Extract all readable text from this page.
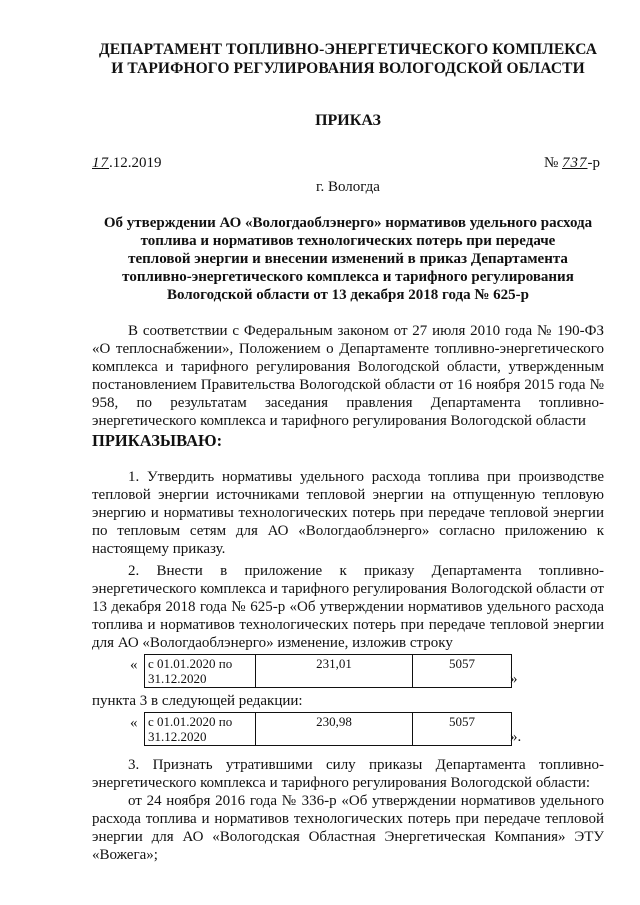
ДЕПАРТАМЕНТ ТОПЛИВНО-ЭНЕРГЕТИЧЕСКОГО КОМПЛЕКСА
И ТАРИФНОГО РЕГУЛИРОВАНИЯ ВОЛОГОДСКОЙ ОБЛАСТИ
ПРИКАЗ
17.12.2019	№ 737-р
г. Вологда
Об утверждении АО «Вологдаоблэнерго» нормативов удельного расхода
топлива и нормативов технологических потерь при передаче
тепловой энергии и внесении изменений в приказ Департамента
топливно-энергетического комплекса и тарифного регулирования
Вологодской области от 13 декабря 2018 года № 625-р

В соответствии с Федеральным законом от 27 июля 2010 года № 190-ФЗ «О теплоснабжении», Положением о Департаменте топливно-энергетического комплекса и тарифного регулирования Вологодской области, утвержденным постановлением Правительства Вологодской области от 16 ноября 2015 года № 958, по результатам заседания правления Департамента топливно-энергетического комплекса и тарифного регулирования Вологодской области

ПРИКАЗЫВАЮ:

1. Утвердить нормативы удельного расхода топлива при производстве тепловой энергии источниками тепловой энергии на отпущенную тепловую энергию и нормативы технологических потерь при передаче тепловой энергии по тепловым сетям для АО «Вологдаоблэнерго» согласно приложению к настоящему приказу.

2. Внести в приложение к приказу Департамента топливно-энергетического комплекса и тарифного регулирования Вологодской области от 13 декабря 2018 года № 625-р «Об утверждении нормативов удельного расхода топлива и нормативов технологических потерь при передаче тепловой энергии для АО «Вологдаоблэнерго» изменение, изложив строку

« с 01.01.2020 по
31.12.2020
	231,01	5057
»

пункта 3 в следующей редакции:

« с 01.01.2020 по
31.12.2020
	230,98	5057
».

3. Признать утратившими силу приказы Департамента топливно-энергетического комплекса и тарифного регулирования Вологодской области:

от 24 ноября 2016 года № 336-р «Об утверждении нормативов удельного расхода топлива и нормативов технологических потерь при передаче тепловой энергии для АО «Вологодская Областная Энергетическая Компания» ЭТУ «Вожега»;
